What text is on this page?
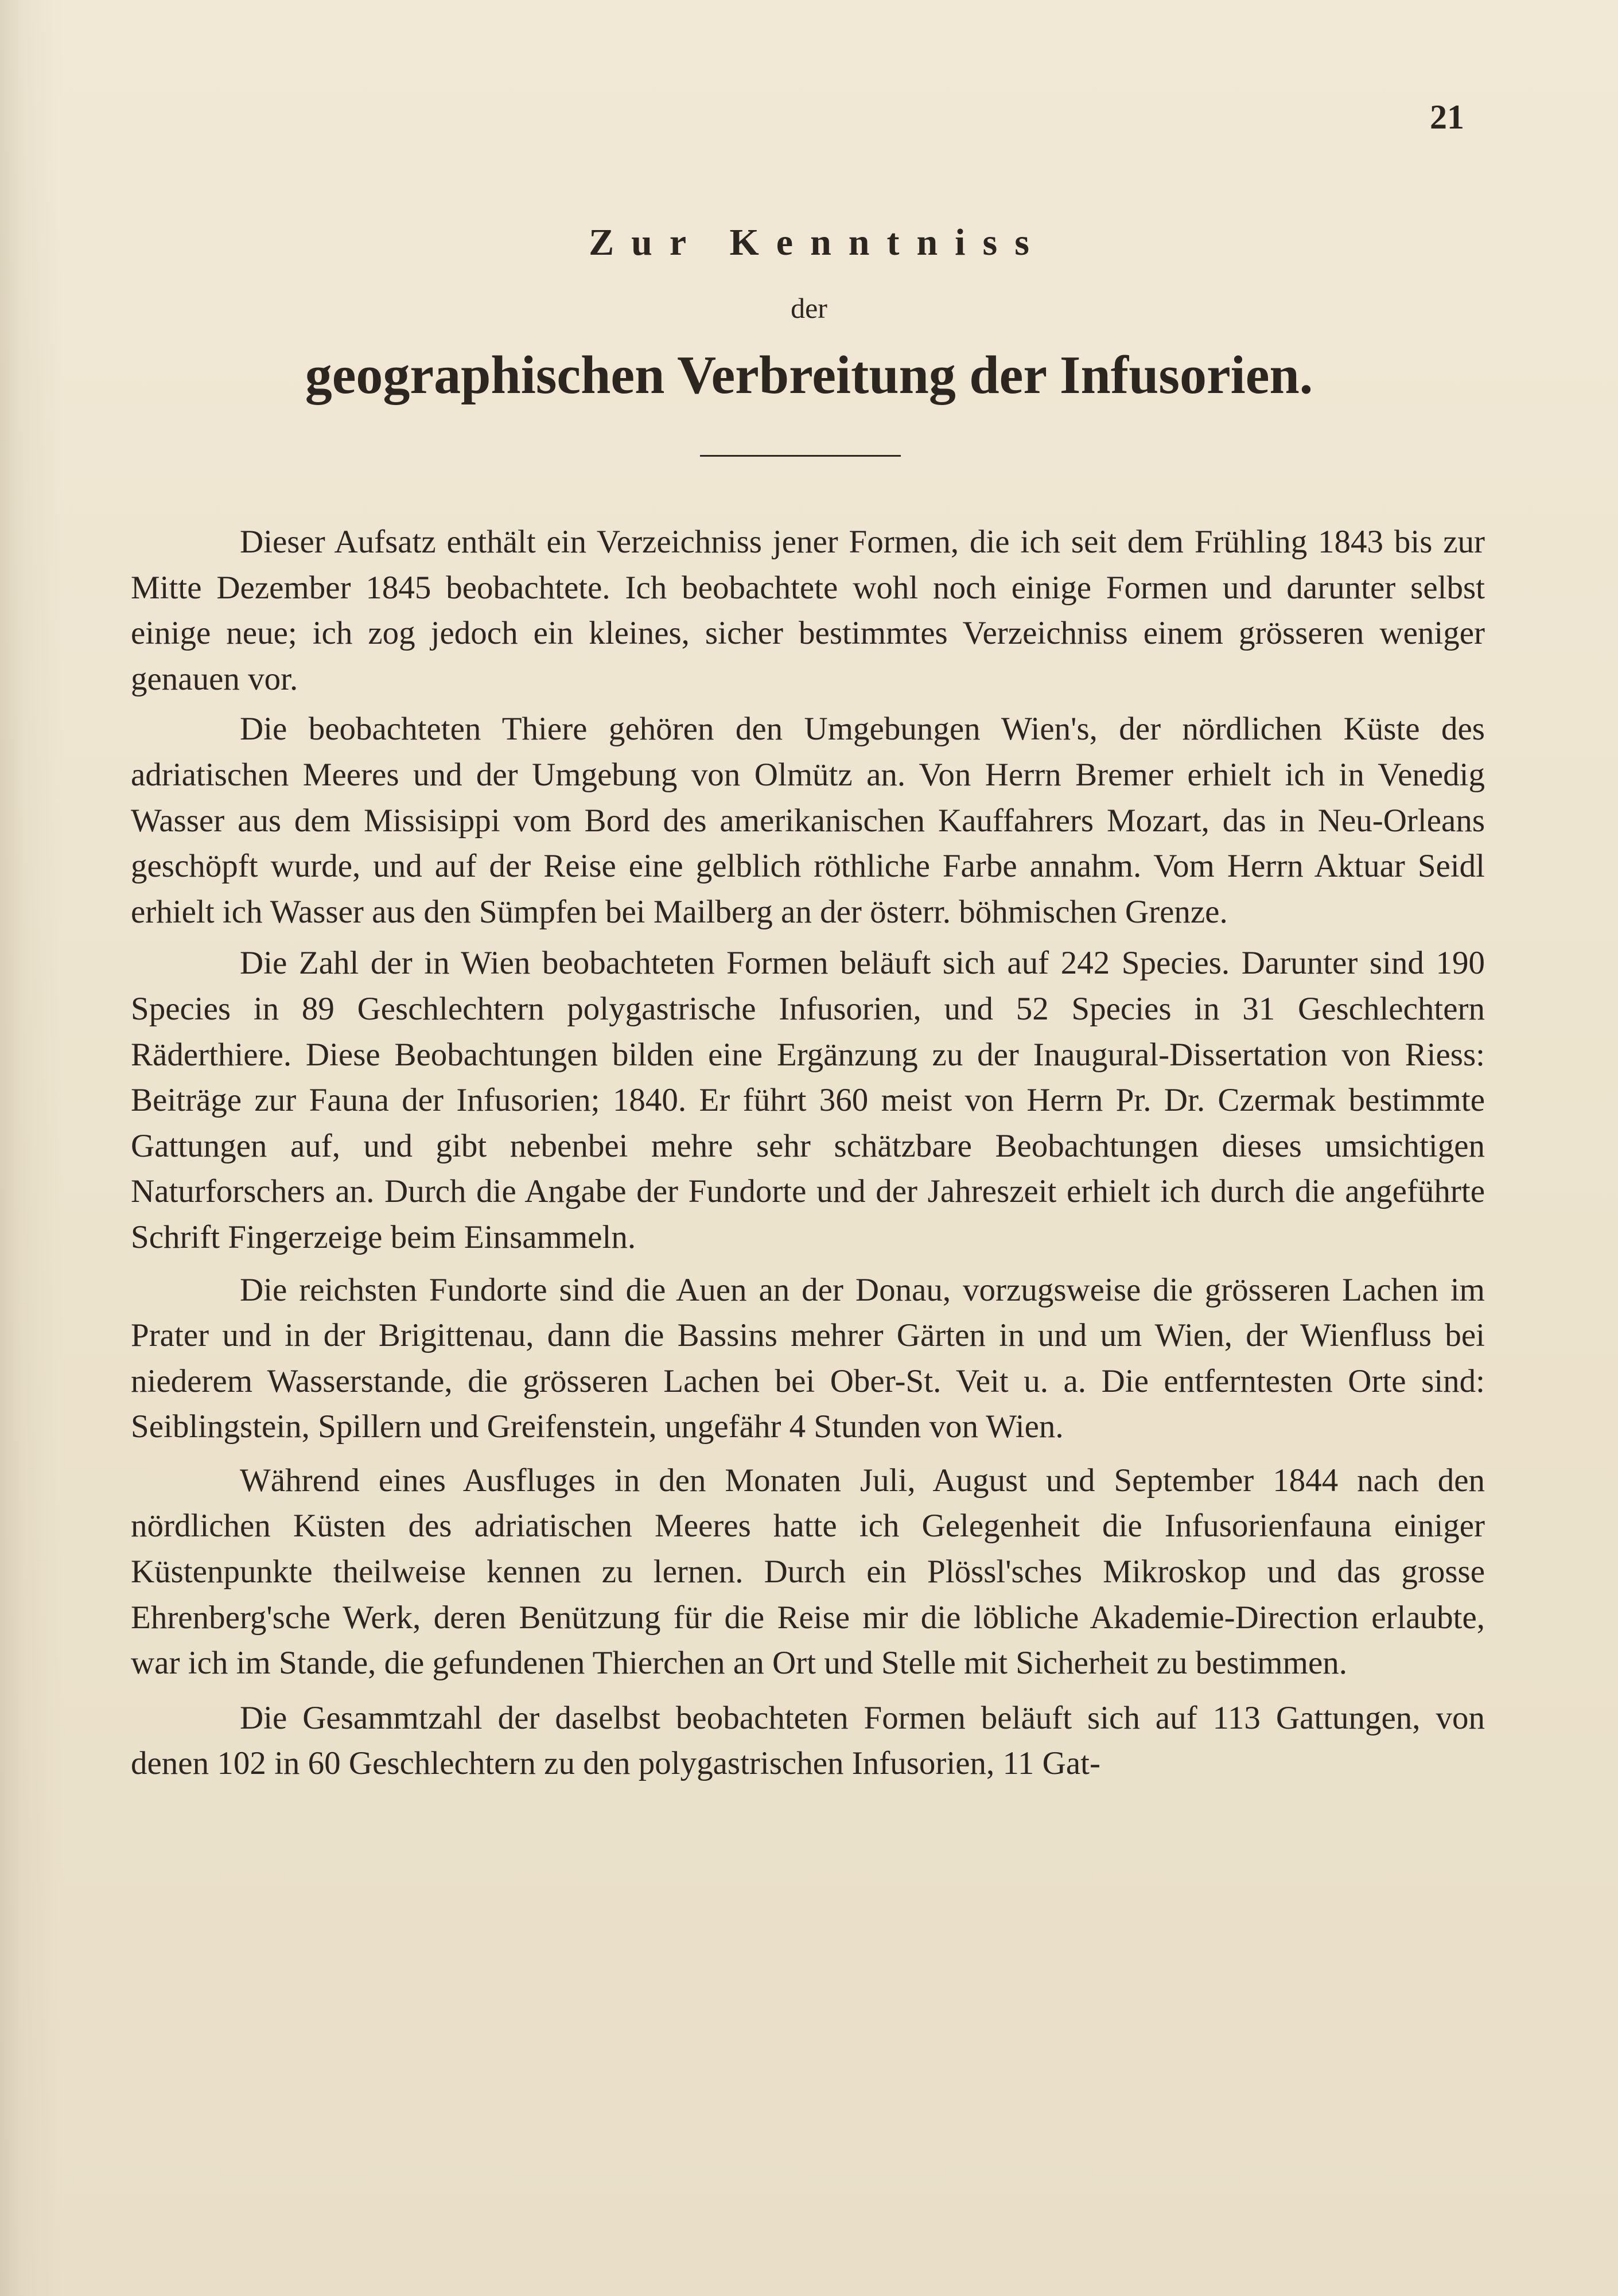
21
Zur Kenntniss
der
geographischen Verbreitung der Infusorien.

Dieser Aufsatz enthält ein Verzeichniss jener Formen, die ich seit dem Frühling 1843 bis zur Mitte Dezember 1845 beobachtete. Ich beobachtete wohl noch einige Formen und darunter selbst einige neue; ich zog jedoch ein kleines, sicher bestimmtes Verzeichniss einem grösseren weniger genauen vor.

Die beobachteten Thiere gehören den Umgebungen Wien's, der nördlichen Küste des adriatischen Meeres und der Umgebung von Olmütz an. Von Herrn Bremer erhielt ich in Venedig Wasser aus dem Missisippi vom Bord des amerikanischen Kauffahrers Mozart, das in Neu-Orleans geschöpft wurde, und auf der Reise eine gelblich röthliche Farbe annahm. Vom Herrn Aktuar Seidl erhielt ich Wasser aus den Sümpfen bei Mailberg an der österr. böhmischen Grenze.

Die Zahl der in Wien beobachteten Formen beläuft sich auf 242 Species. Darunter sind 190 Species in 89 Geschlechtern polygastrische Infusorien, und 52 Species in 31 Geschlechtern Räderthiere. Diese Beobachtungen bilden eine Ergänzung zu der Inaugural-Dissertation von Riess: Beiträge zur Fauna der Infusorien; 1840. Er führt 360 meist von Herrn Pr. Dr. Czermak bestimmte Gattungen auf, und gibt nebenbei mehre sehr schätzbare Beobachtungen dieses umsichtigen Naturforschers an. Durch die Angabe der Fundorte und der Jahreszeit erhielt ich durch die angeführte Schrift Fingerzeige beim Einsammeln.

Die reichsten Fundorte sind die Auen an der Donau, vorzugsweise die grösseren Lachen im Prater und in der Brigittenau, dann die Bassins mehrer Gärten in und um Wien, der Wienfluss bei niederem Wasserstande, die grösseren Lachen bei Ober-St. Veit u. a. Die entferntesten Orte sind: Seiblingstein, Spillern und Greifenstein, ungefähr 4 Stunden von Wien.

Während eines Ausfluges in den Monaten Juli, August und September 1844 nach den nördlichen Küsten des adriatischen Meeres hatte ich Gelegenheit die Infusorienfauna einiger Küstenpunkte theilweise kennen zu lernen. Durch ein Plössl'sches Mikroskop und das grosse Ehrenberg'sche Werk, deren Benützung für die Reise mir die löbliche Akademie-Direction erlaubte, war ich im Stande, die gefundenen Thierchen an Ort und Stelle mit Sicherheit zu bestimmen.

Die Gesammtzahl der daselbst beobachteten Formen beläuft sich auf 113 Gattungen, von denen 102 in 60 Geschlechtern zu den polygastrischen Infusorien, 11 Gat-
